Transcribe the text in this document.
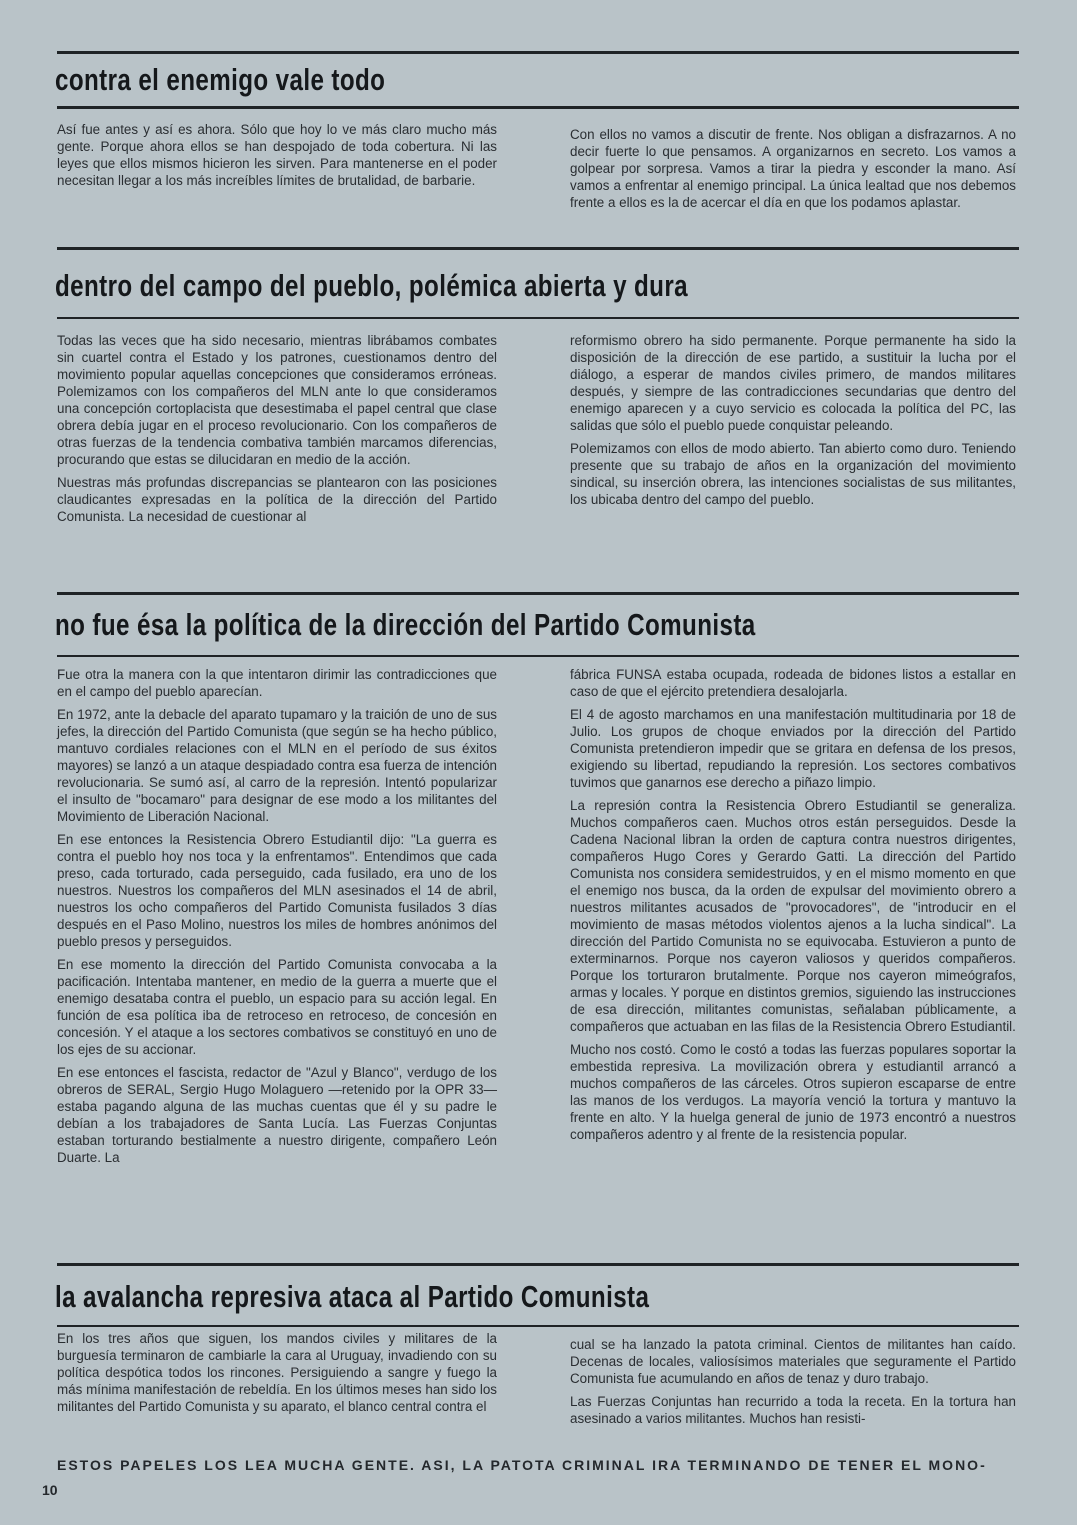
contra el enemigo vale todo

Así fue antes y así es ahora. Sólo que hoy lo ve más claro mucho más gente. Porque ahora ellos se han despojado de toda cobertura. Ni las leyes que ellos mismos hicieron les sirven. Para mantenerse en el poder necesitan llegar a los más increíbles límites de brutalidad, de barbarie.

Con ellos no vamos a discutir de frente. Nos obligan a disfrazarnos. A no decir fuerte lo que pensamos. A organizarnos en secreto. Los vamos a golpear por sorpresa. Vamos a tirar la piedra y esconder la mano. Así vamos a enfrentar al enemigo principal. La única lealtad que nos debemos frente a ellos es la de acercar el día en que los podamos aplastar.

dentro del campo del pueblo, polémica abierta y dura

Todas las veces que ha sido necesario, mientras librábamos combates sin cuartel contra el Estado y los patrones, cuestionamos dentro del movimiento popular aquellas concepciones que consideramos erróneas. Polemizamos con los compañeros del MLN ante lo que consideramos una concepción cortoplacista que desestimaba el papel central que clase obrera debía jugar en el proceso revolucionario. Con los compañeros de otras fuerzas de la tendencia combativa también marcamos diferencias, procurando que estas se dilucidaran en medio de la acción.

Nuestras más profundas discrepancias se plantearon con las posiciones claudicantes expresadas en la política de la dirección del Partido Comunista. La necesidad de cuestionar al

reformismo obrero ha sido permanente. Porque permanente ha sido la disposición de la dirección de ese partido, a sustituir la lucha por el diálogo, a esperar de mandos civiles primero, de mandos militares después, y siempre de las contradicciones secundarias que dentro del enemigo aparecen y a cuyo servicio es colocada la política del PC, las salidas que sólo el pueblo puede conquistar peleando.

Polemizamos con ellos de modo abierto. Tan abierto como duro. Teniendo presente que su trabajo de años en la organización del movimiento sindical, su inserción obrera, las intenciones socialistas de sus militantes, los ubicaba dentro del campo del pueblo.

no fue ésa la política de la dirección del Partido Comunista

Fue otra la manera con la que intentaron dirimir las contradicciones que en el campo del pueblo aparecían.

En 1972, ante la debacle del aparato tupamaro y la traición de uno de sus jefes, la dirección del Partido Comunista (que según se ha hecho público, mantuvo cordiales relaciones con el MLN en el período de sus éxitos mayores) se lanzó a un ataque despiadado contra esa fuerza de intención revolucionaria. Se sumó así, al carro de la represión. Intentó popularizar el insulto de "bocamaro" para designar de ese modo a los militantes del Movimiento de Liberación Nacional.

En ese entonces la Resistencia Obrero Estudiantil dijo: "La guerra es contra el pueblo hoy nos toca y la enfrentamos". Entendimos que cada preso, cada torturado, cada perseguido, cada fusilado, era uno de los nuestros. Nuestros los compañeros del MLN asesinados el 14 de abril, nuestros los ocho compañeros del Partido Comunista fusilados 3 días después en el Paso Molino, nuestros los miles de hombres anónimos del pueblo presos y perseguidos.

En ese momento la dirección del Partido Comunista convocaba a la pacificación. Intentaba mantener, en medio de la guerra a muerte que el enemigo desataba contra el pueblo, un espacio para su acción legal. En función de esa política iba de retroceso en retroceso, de concesión en concesión. Y el ataque a los sectores combativos se constituyó en uno de los ejes de su accionar.

En ese entonces el fascista, redactor de "Azul y Blanco", verdugo de los obreros de SERAL, Sergio Hugo Molaguero —retenido por la OPR 33— estaba pagando alguna de las muchas cuentas que él y su padre le debían a los trabajadores de Santa Lucía. Las Fuerzas Conjuntas estaban torturando bestialmente a nuestro dirigente, compañero León Duarte. La

fábrica FUNSA estaba ocupada, rodeada de bidones listos a estallar en caso de que el ejército pretendiera desalojarla.

El 4 de agosto marchamos en una manifestación multitudinaria por 18 de Julio. Los grupos de choque enviados por la dirección del Partido Comunista pretendieron impedir que se gritara en defensa de los presos, exigiendo su libertad, repudiando la represión. Los sectores combativos tuvimos que ganarnos ese derecho a piñazo limpio.

La represión contra la Resistencia Obrero Estudiantil se generaliza. Muchos compañeros caen. Muchos otros están perseguidos. Desde la Cadena Nacional libran la orden de captura contra nuestros dirigentes, compañeros Hugo Cores y Gerardo Gatti. La dirección del Partido Comunista nos considera semidestruidos, y en el mismo momento en que el enemigo nos busca, da la orden de expulsar del movimiento obrero a nuestros militantes acusados de "provocadores", de "introducir en el movimiento de masas métodos violentos ajenos a la lucha sindical". La dirección del Partido Comunista no se equivocaba. Estuvieron a punto de exterminarnos. Porque nos cayeron valiosos y queridos compañeros. Porque los torturaron brutalmente. Porque nos cayeron mimeógrafos, armas y locales. Y porque en distintos gremios, siguiendo las instrucciones de esa dirección, militantes comunistas, señalaban públicamente, a compañeros que actuaban en las filas de la Resistencia Obrero Estudiantil.

Mucho nos costó. Como le costó a todas las fuerzas populares soportar la embestida represiva. La movilización obrera y estudiantil arrancó a muchos compañeros de las cárceles. Otros supieron escaparse de entre las manos de los verdugos. La mayoría venció la tortura y mantuvo la frente en alto. Y la huelga general de junio de 1973 encontró a nuestros compañeros adentro y al frente de la resistencia popular.

la avalancha represiva ataca al Partido Comunista

En los tres años que siguen, los mandos civiles y militares de la burguesía terminaron de cambiarle la cara al Uruguay, invadiendo con su política despótica todos los rincones. Persiguiendo a sangre y fuego la más mínima manifestación de rebeldía. En los últimos meses han sido los militantes del Partido Comunista y su aparato, el blanco central contra el

cual se ha lanzado la patota criminal. Cientos de militantes han caído. Decenas de locales, valiosísimos materiales que seguramente el Partido Comunista fue acumulando en años de tenaz y duro trabajo.

Las Fuerzas Conjuntas han recurrido a toda la receta. En la tortura han asesinado a varios militantes. Muchos han resisti-

ESTOS PAPELES LOS LEA MUCHA GENTE. ASI, LA PATOTA CRIMINAL IRA TERMINANDO DE TENER EL MONO-
10
